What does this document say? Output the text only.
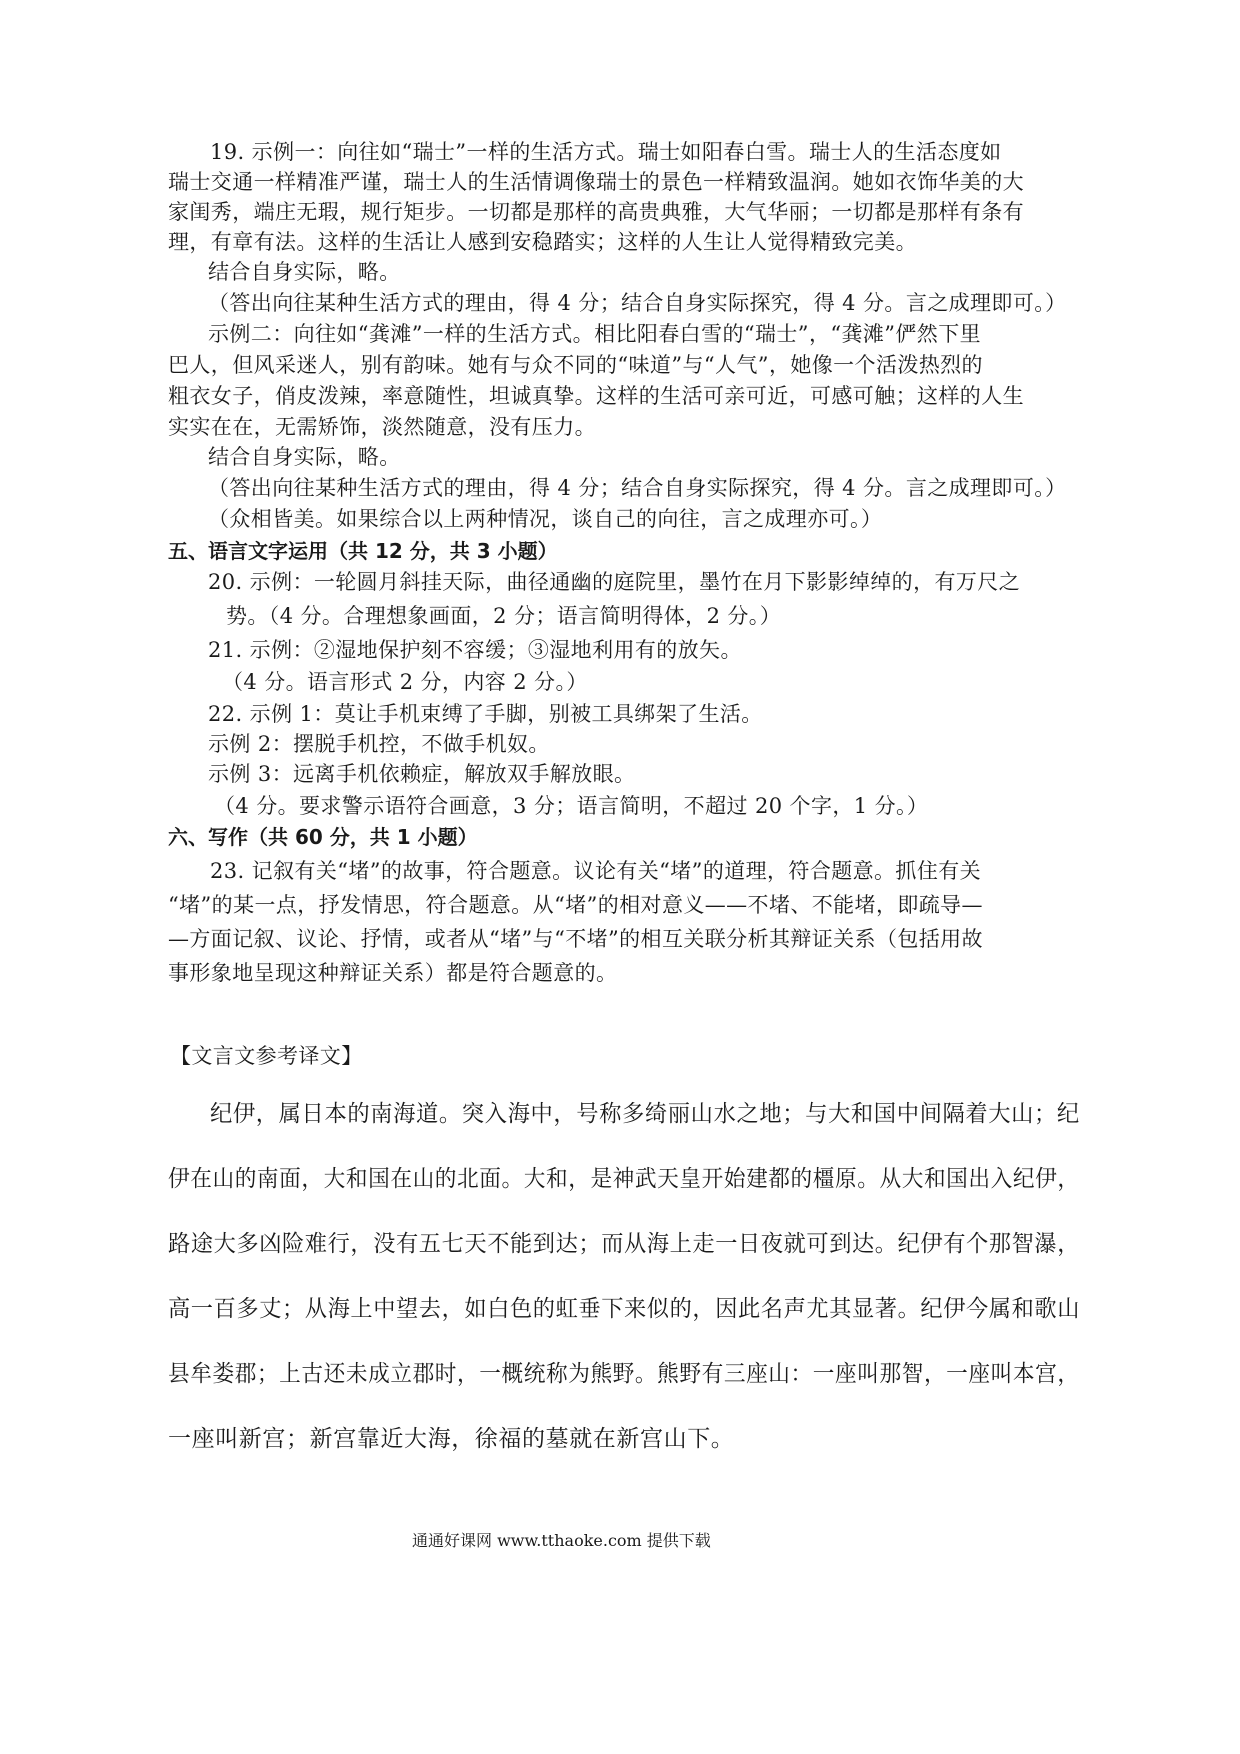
19. 示例一：向往如“瑞士”一样的生活方式。瑞士如阳春白雪。瑞士人的生活态度如
瑞士交通一样精准严谨，瑞士人的生活情调像瑞士的景色一样精致温润。她如衣饰华美的大
家闺秀，端庄无瑕，规行矩步。一切都是那样的高贵典雅，大气华丽；一切都是那样有条有
理，有章有法。这样的生活让人感到安稳踏实；这样的人生让人觉得精致完美。
结合自身实际，略。
（答出向往某种生活方式的理由，得 4 分；结合自身实际探究，得 4 分。言之成理即可。）
示例二：向往如“龚滩”一样的生活方式。相比阳春白雪的“瑞士”，“龚滩”俨然下里
巴人，但风采迷人，别有韵味。她有与众不同的“味道”与“人气”，她像一个活泼热烈的
粗衣女子，俏皮泼辣，率意随性，坦诚真挚。这样的生活可亲可近，可感可触；这样的人生
实实在在，无需矫饰，淡然随意，没有压力。
结合自身实际，略。
（答出向往某种生活方式的理由，得 4 分；结合自身实际探究，得 4 分。言之成理即可。）
（众相皆美。如果综合以上两种情况，谈自己的向往，言之成理亦可。）
五、语言文字运用（共 12 分，共 3 小题）
20. 示例：一轮圆月斜挂天际，曲径通幽的庭院里，墨竹在月下影影绰绰的，有万尺之
势。（4 分。合理想象画面，2 分；语言简明得体，2 分。）
21. 示例：②湿地保护刻不容缓；③湿地利用有的放矢。
（4 分。语言形式 2 分，内容 2 分。）
22. 示例 1：莫让手机束缚了手脚，别被工具绑架了生活。
示例 2：摆脱手机控，不做手机奴。
示例 3：远离手机依赖症，解放双手解放眼。
（4 分。要求警示语符合画意，3 分；语言简明，不超过 20 个字，1 分。）
六、写作（共 60 分，共 1 小题）
23. 记叙有关“堵”的故事，符合题意。议论有关“堵”的道理，符合题意。抓住有关
“堵”的某一点，抒发情思，符合题意。从“堵”的相对意义——不堵、不能堵，即疏导—
—方面记叙、议论、抒情，或者从“堵”与“不堵”的相互关联分析其辩证关系（包括用故
事形象地呈现这种辩证关系）都是符合题意的。
【文言文参考译文】
纪伊，属日本的南海道。突入海中，号称多绮丽山水之地；与大和国中间隔着大山；纪
伊在山的南面，大和国在山的北面。大和，是神武天皇开始建都的橿原。从大和国出入纪伊，
路途大多凶险难行，没有五七天不能到达；而从海上走一日夜就可到达。纪伊有个那智瀑，
高一百多丈；从海上中望去，如白色的虹垂下来似的，因此名声尤其显著。纪伊今属和歌山
县牟娄郡；上古还未成立郡时，一概统称为熊野。熊野有三座山：一座叫那智，一座叫本宫，
一座叫新宫；新宫靠近大海，徐福的墓就在新宫山下。
通通好课网 www.tthaoke.com 提供下载
